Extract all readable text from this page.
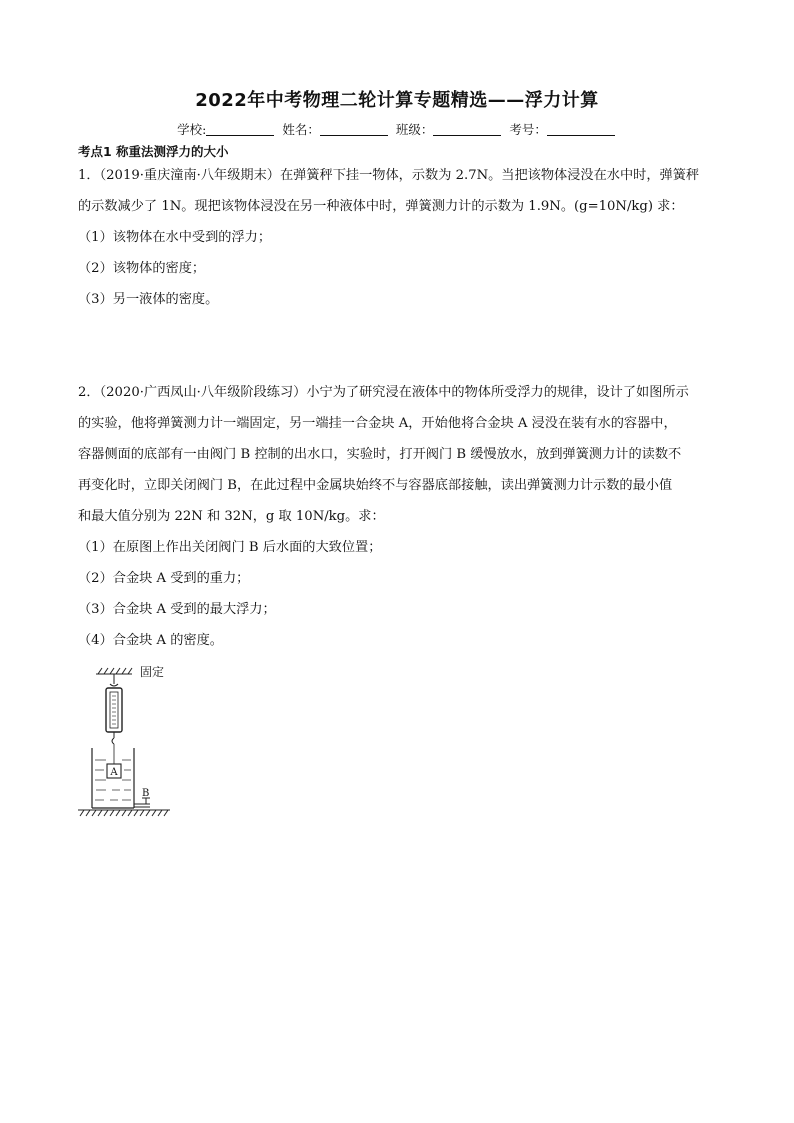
2022年中考物理二轮计算专题精选——浮力计算
学校:	姓名：	班级：	考号：
考点1 称重法测浮力的大小
1．（2019·重庆潼南·八年级期末）在弹簧秤下挂一物体，示数为 2.7N。当把该物体浸没在水中时，弹簧秤
的示数减少了 1N。现把该物体浸没在另一种液体中时，弹簧测力计的示数为 1.9N。(g=10N/kg) 求：
（1）该物体在水中受到的浮力；
（2）该物体的密度；
（3）另一液体的密度。
2．（2020·广西凤山·八年级阶段练习）小宁为了研究浸在液体中的物体所受浮力的规律，设计了如图所示
的实验，他将弹簧测力计一端固定，另一端挂一合金块 A，开始他将合金块 A 浸没在装有水的容器中，
容器侧面的底部有一由阀门 B 控制的出水口，实验时，打开阀门 B 缓慢放水，放到弹簧测力计的读数不
再变化时，立即关闭阀门 B，在此过程中金属块始终不与容器底部接触，读出弹簧测力计示数的最小值
和最大值分别为 22N 和 32N，g 取 10N/kg。求：
（1）在原图上作出关闭阀门 B 后水面的大致位置；
（2）合金块 A 受到的重力；
（3）合金块 A 受到的最大浮力；
（4）合金块 A 的密度。
固定
A
B
